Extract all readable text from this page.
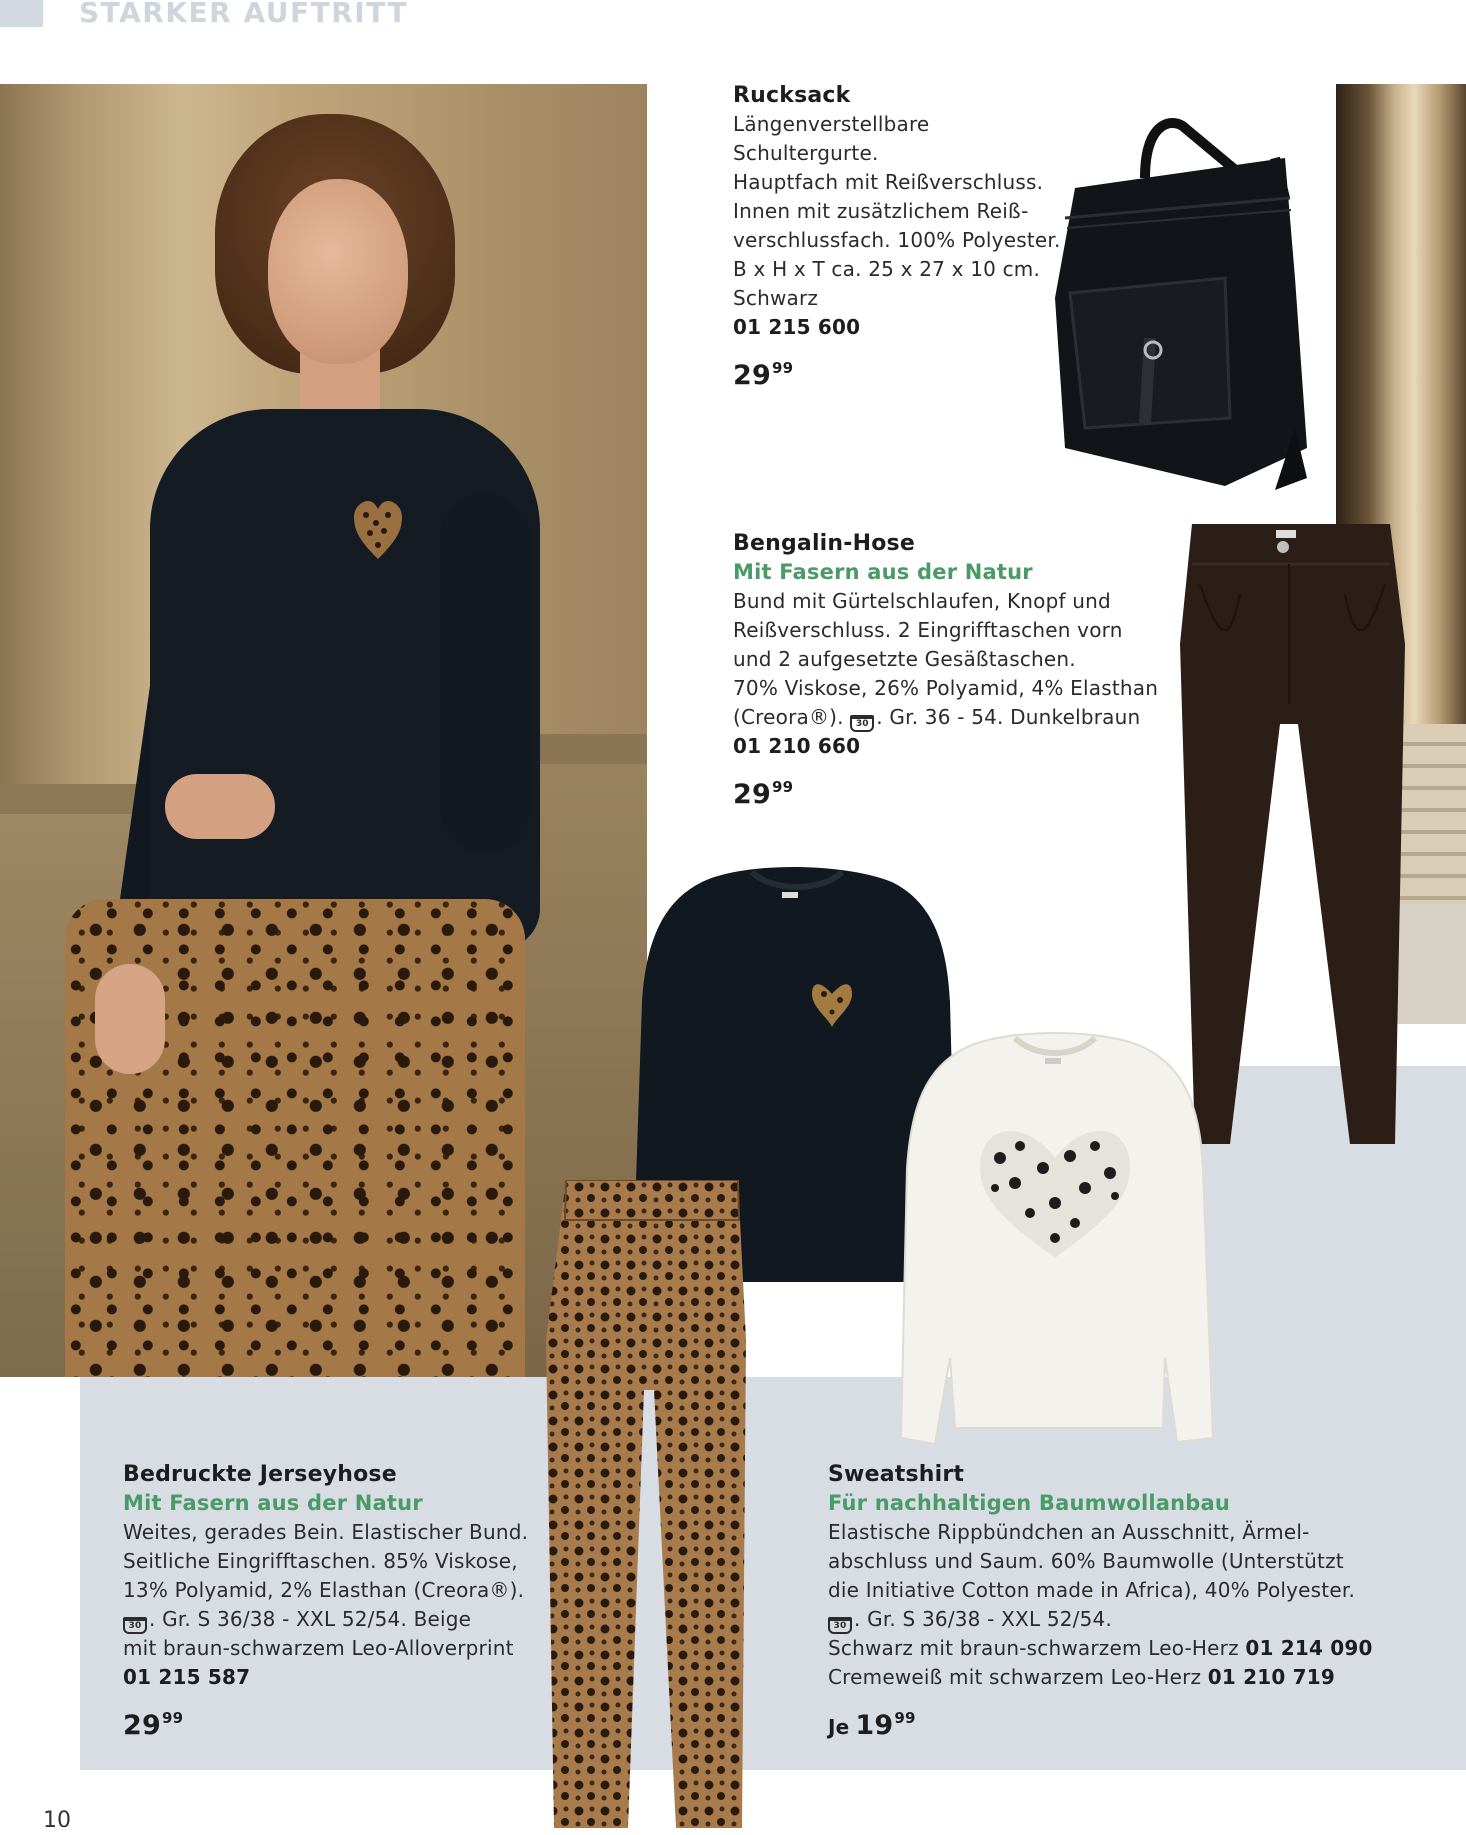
STARKER AUFTRITT
Rucksack
Längenverstellbare Schultergurte.
Hauptfach mit Reißverschluss.
Innen mit zusätzlichem Reiß-
verschlussfach. 100% Polyester.
B x H x T ca. 25 x 27 x 10 cm.
Schwarz
01 215 600
$29^{99}$
Bengalin-Hose
Mit Fasern aus der Natur
Bund mit Gürtelschlaufen, Knopf und
Reißverschluss. 2 Eingrifftaschen vorn
und 2 aufgesetzte Gesäßtaschen.
70% Viskose, 26% Polyamid, 4% Elasthan
(Creora®). 30 . Gr. 36 - 54. Dunkelbraun
01 210 660
$29^{99}$
Bedruckte Jerseyhose
Mit Fasern aus der Natur
Weites, gerades Bein. Elastischer Bund.
Seitliche Eingrifftaschen. 85% Viskose,
13% Polyamid, 2% Elasthan (Creora®).
30 . Gr. S 36/38 - XXL 52/54. Beige
mit braun-schwarzem Leo-Alloverprint
01 215 587
$29^{99}$
Sweatshirt
Für nachhaltigen Baumwollanbau
Elastische Rippbündchen an Ausschnitt, Ärmel-
abschluss und Saum. 60% Baumwolle (Unterstützt
die Initiative Cotton made in Africa), 40% Polyester.
30 . Gr. S 36/38 - XXL 52/54.
Schwarz mit braun-schwarzem Leo-Herz 01 214 090
Cremeweiß mit schwarzem Leo-Herz 01 210 719
Je $19^{99}$
10
